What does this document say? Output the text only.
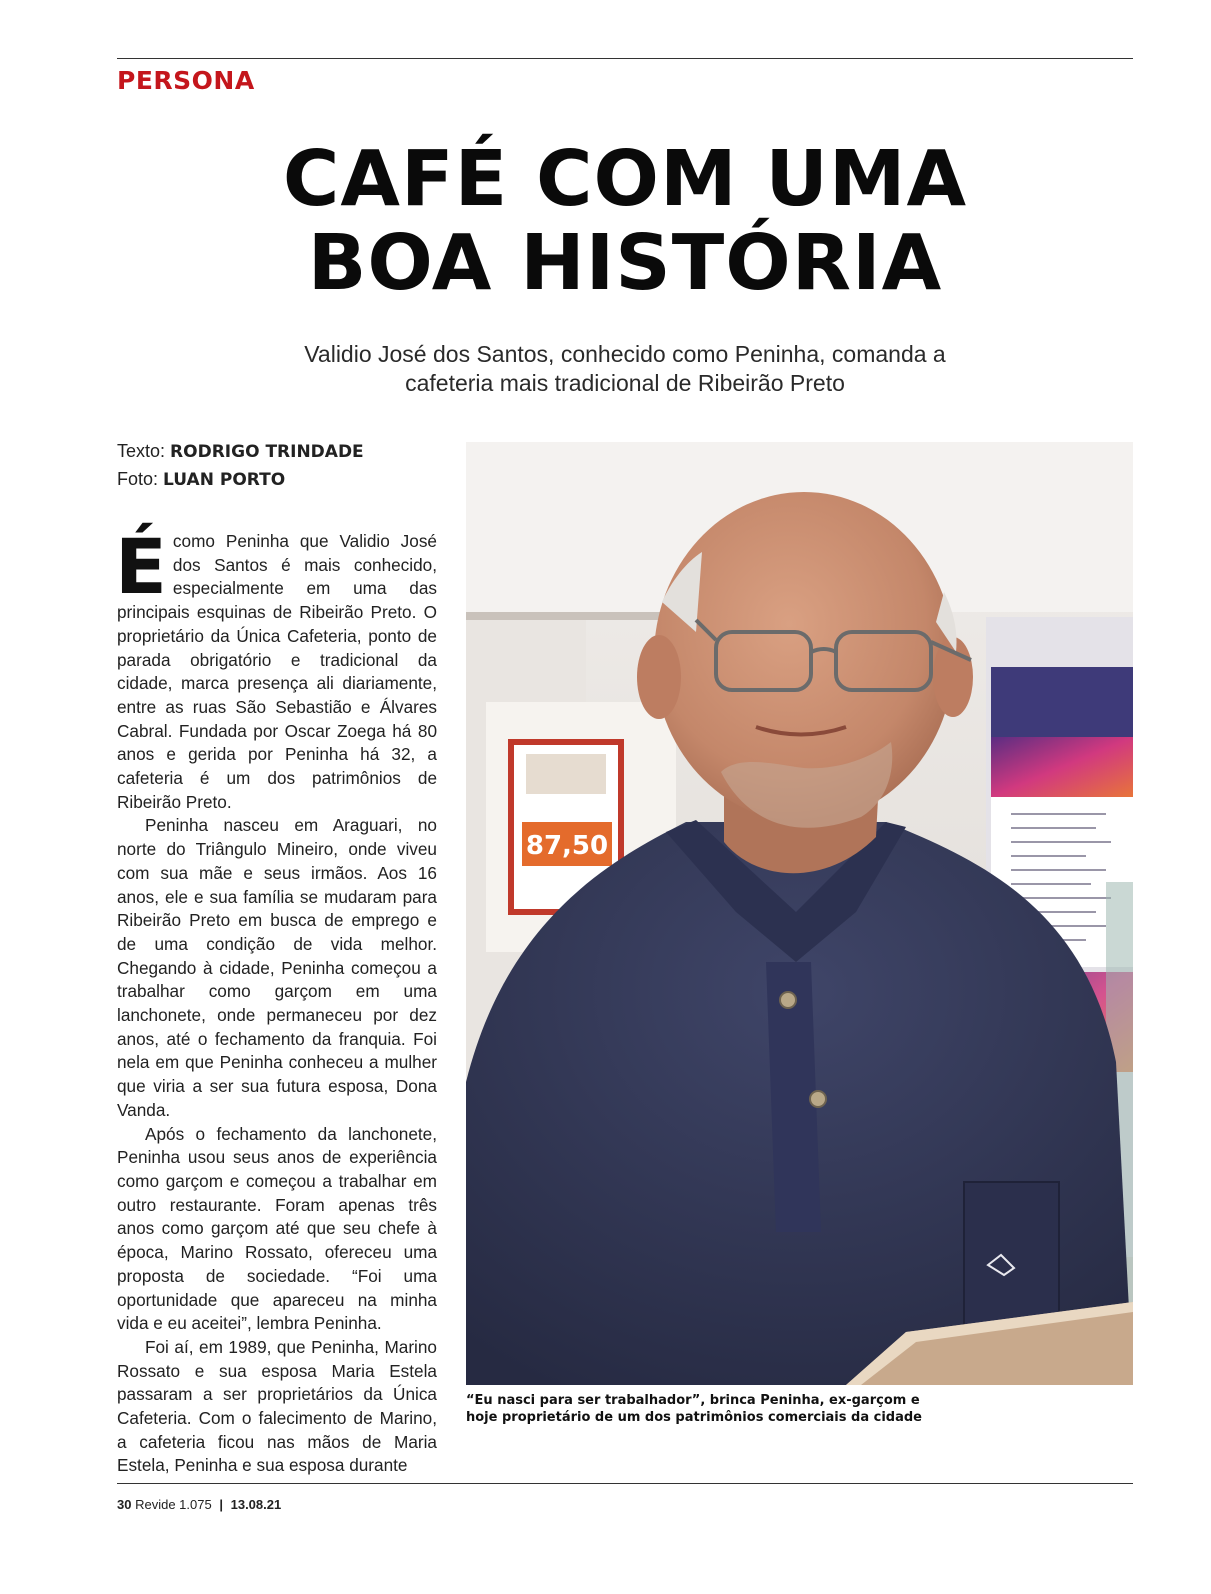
PERSONA
CAFÉ COM UMA
BOA HISTÓRIA
Validio José dos Santos, conhecido como Peninha, comanda a
cafeteria mais tradicional de Ribeirão Preto
Texto: RODRIGO TRINDADE
Foto: LUAN PORTO

É como Peninha que Validio José dos Santos é mais conhecido, especialmente em uma das principais esquinas de Ribeirão Preto. O proprietário da Única Cafeteria, ponto de parada obrigatório e tradicional da cidade, marca presença ali diariamente, entre as ruas São Sebastião e Álvares Cabral. Fundada por Oscar Zoega há 80 anos e gerida por Peninha há 32, a cafeteria é um dos patrimônios de Ribeirão Preto.

Peninha nasceu em Araguari, no norte do Triângulo Mineiro, onde viveu com sua mãe e seus irmãos. Aos 16 anos, ele e sua família se mudaram para Ribeirão Preto em busca de emprego e de uma condição de vida melhor. Chegando à cidade, Peninha começou a trabalhar como garçom em uma lanchonete, onde permaneceu por dez anos, até o fechamento da franquia. Foi nela em que Peninha conheceu a mulher que viria a ser sua futura esposa, Dona Vanda.

Após o fechamento da lanchonete, Peninha usou seus anos de experiência como garçom e começou a trabalhar em outro restaurante. Foram apenas três anos como garçom até que seu chefe à época, Marino Rossato, ofereceu uma proposta de sociedade. “Foi uma oportunidade que apareceu na minha vida e eu aceitei”, lembra Peninha.

Foi aí, em 1989, que Peninha, Marino Rossato e sua esposa Maria Estela passaram a ser proprietários da Única Cafeteria. Com o falecimento de Marino, a cafeteria ficou nas mãos de Maria Estela, Peninha e sua esposa durante

87,50
“Eu nasci para ser trabalhador”, brinca Peninha, ex-garçom e
hoje proprietário de um dos patrimônios comerciais da cidade
30 Revide 1.075 | 13.08.21
